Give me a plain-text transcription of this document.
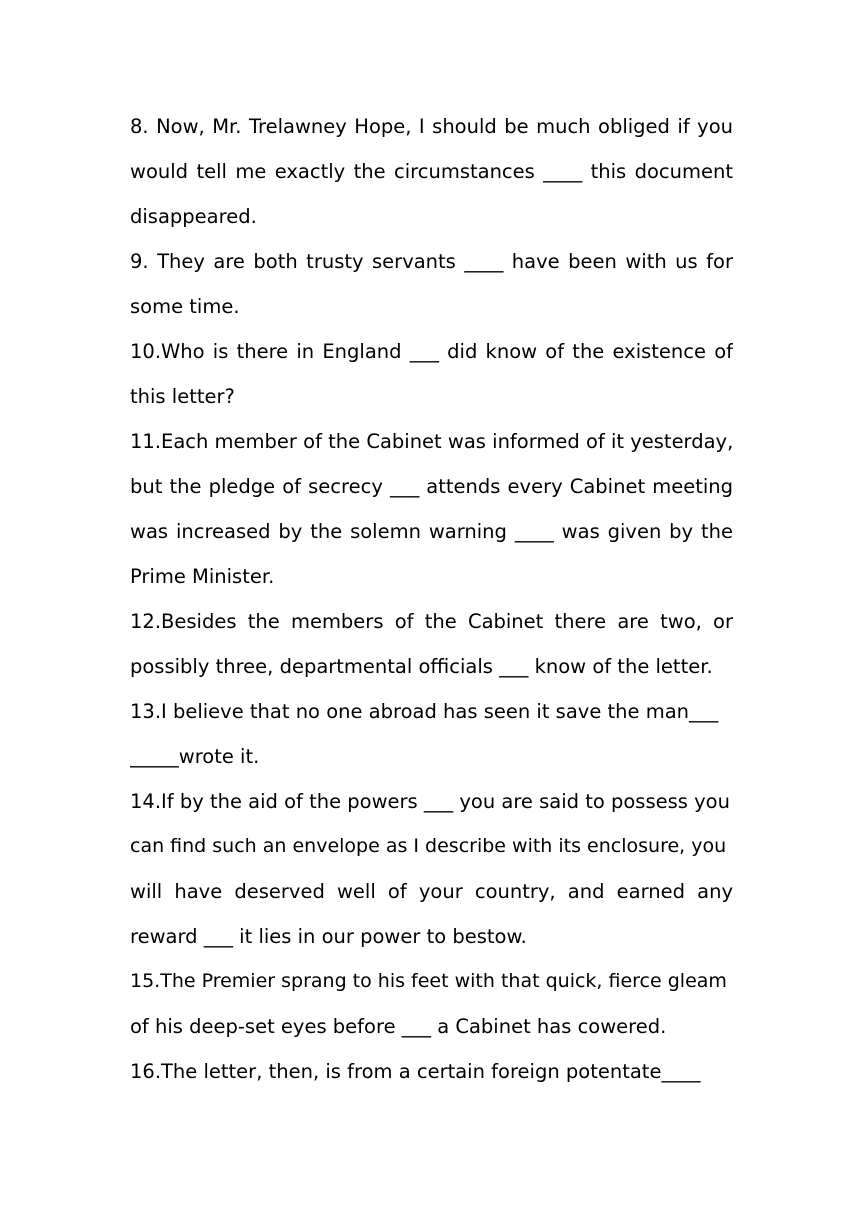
8. Now, Mr. Trelawney Hope, I should be much obliged if you
would tell me exactly the circumstances ____ this document
disappeared.
9. They are both trusty servants ____ have been with us for
some time.
10.Who is there in England ___ did know of the existence of
this letter?
11.Each member of the Cabinet was informed of it yesterday,
but the pledge of secrecy ___ attends every Cabinet meeting
was increased by the solemn warning ____ was given by the
Prime Minister.
12.Besides the members of the Cabinet there are two, or
possibly three, departmental officials ___ know of the letter.
13.I believe that no one abroad has seen it save the man___
_____wrote it.
14.If by the aid of the powers ___ you are said to possess you
can find such an envelope as I describe with its enclosure, you
will have deserved well of your country, and earned any
reward ___ it lies in our power to bestow.
15.The Premier sprang to his feet with that quick, fierce gleam
of his deep-set eyes before ___ a Cabinet has cowered.
16.The letter, then, is from a certain foreign potentate____
